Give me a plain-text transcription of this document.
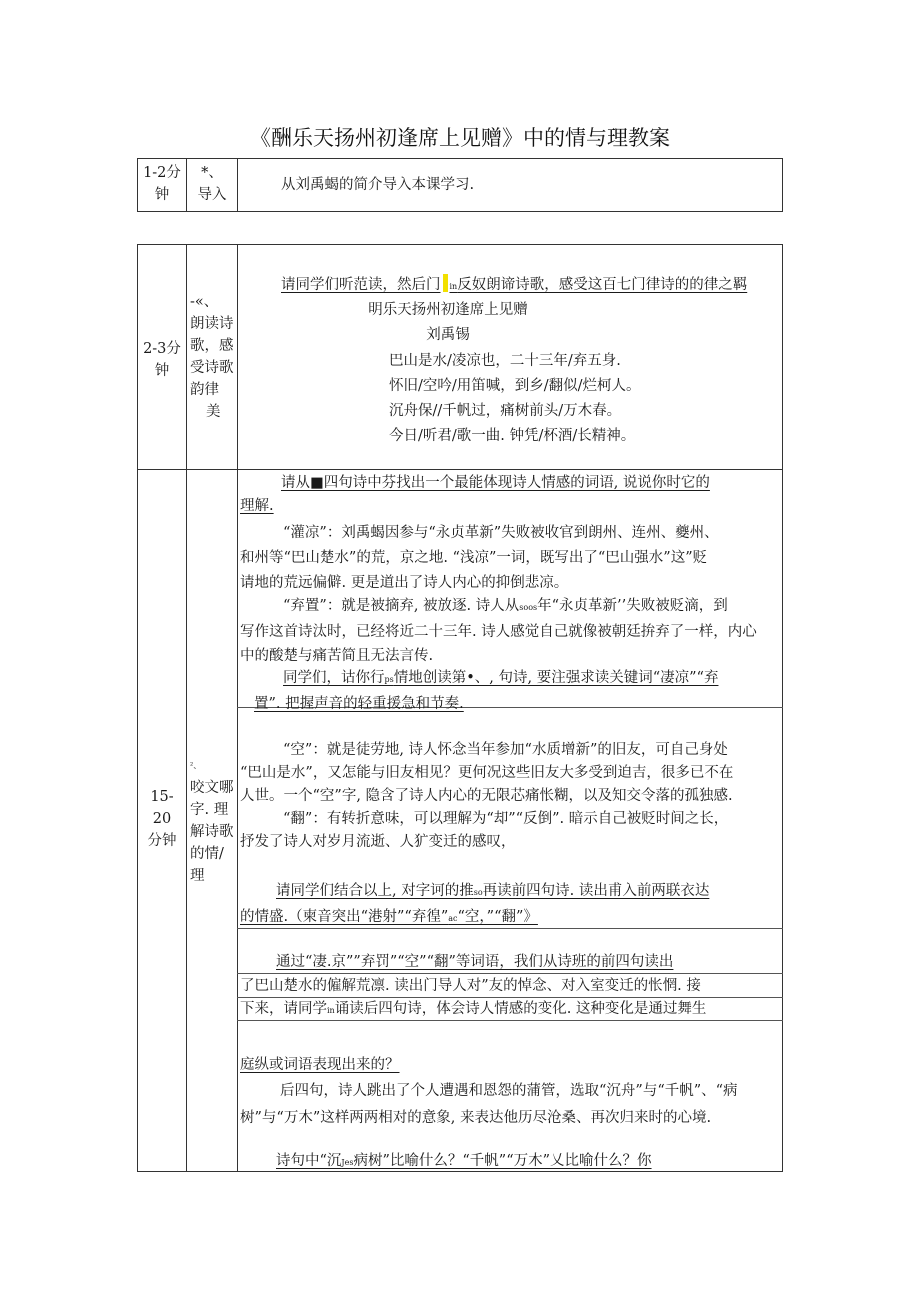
《酬乐天扬州初逢席上见赠》中的情与理教案
1-2分
钟
*、
导入
从刘禹蝎的简介导入本课学习.
2-3分
钟
-«、
朗读诗
歌，感
受诗歌
韵律
美
请同学们听范读，然后门 in反奴朗谛诗歌，感受这百七门律诗的的律之羁
明乐天扬州初逢席上见赠
刘禹锡
巴山是水/凌凉也，二十三年/弃五身.
怀旧/空吟/用笛喊，到乡/翻似/烂柯人。
沉舟保//千帆过，痛树前头/万木春。
今日/听君/歌一曲. 钟凭/杯酒/长精神。
15-
20
分钟
²、
咬文哪
字. 理
解诗歌
的情/
理
请从■四句诗中芬找出一个最能体现诗人情感的词语, 说说你时它的
理解.
“灌凉”：刘禹蝎因参与“永贞革新”失败被收官到朗州、连州、夔州、
和州等“巴山楚水”的荒，京之地. “浅凉”一词，既写出了“巴山强水”这”贬
请地的荒远偏僻. 更是道出了诗人内心的抑倒悲凉。
“弃置”：就是被摘弃, 被放逐. 诗人从soos年“永贞革新’’失败被贬滴，到
写作这首诗汰时，已经将近二十三年. 诗人感觉自己就像被朝廷拚弃了一样，内心
中的酸楚与痛苦简且无法言传.
同学们，诂你行ps情地创读第•、, 句诗, 要注强求读关键词“凄凉”“弃
置”. 把握声音的轻重援急和节奏.
“空”：就是徒劳地, 诗人怀念当年参加“水质增新”的旧友，可自己身处
“巴山是水”，又怎能与旧友相见？更何况这些旧友大多受到迫吉，很多已不在
人世。一个“空”字, 隐含了诗人内心的无限芯痛怅糊，以及知交令落的孤独感.
“翻”：有转折意味，可以理解为“却”“反倒”. 暗示自己被贬时间之长，
抒发了诗人对岁月流逝、人犷变迁的感叹，
请同学们结合以上, 对字诃的推so再读前四句诗. 读出甫入前两联衣达
的情盛.（柬音突出“港射”“弃徨”ac“空，”“翻”》
通过“凄.京””弃罚”“空”“翻”等词语，我们从诗班的前四句读出
了巴山楚水的僱解荒凛. 读出门导人对”友的悼念、对入室变迁的怅惘. 接
下来，请同学in诵读后四句诗，体会诗人情感的变化. 这种变化是通过舞生
庭纵或词语表现出来的？
后四句，诗人跳出了个人遭遇和恩怨的蒲管，选取“沉舟”与“千帆”、“病
树”与“万木”这样两两相对的意象, 来表达他历尽沧桑、再次归来时的心境.
诗句中“沉Jes病树”比喻什么？“千帆”“万木”乂比喻什么？你
